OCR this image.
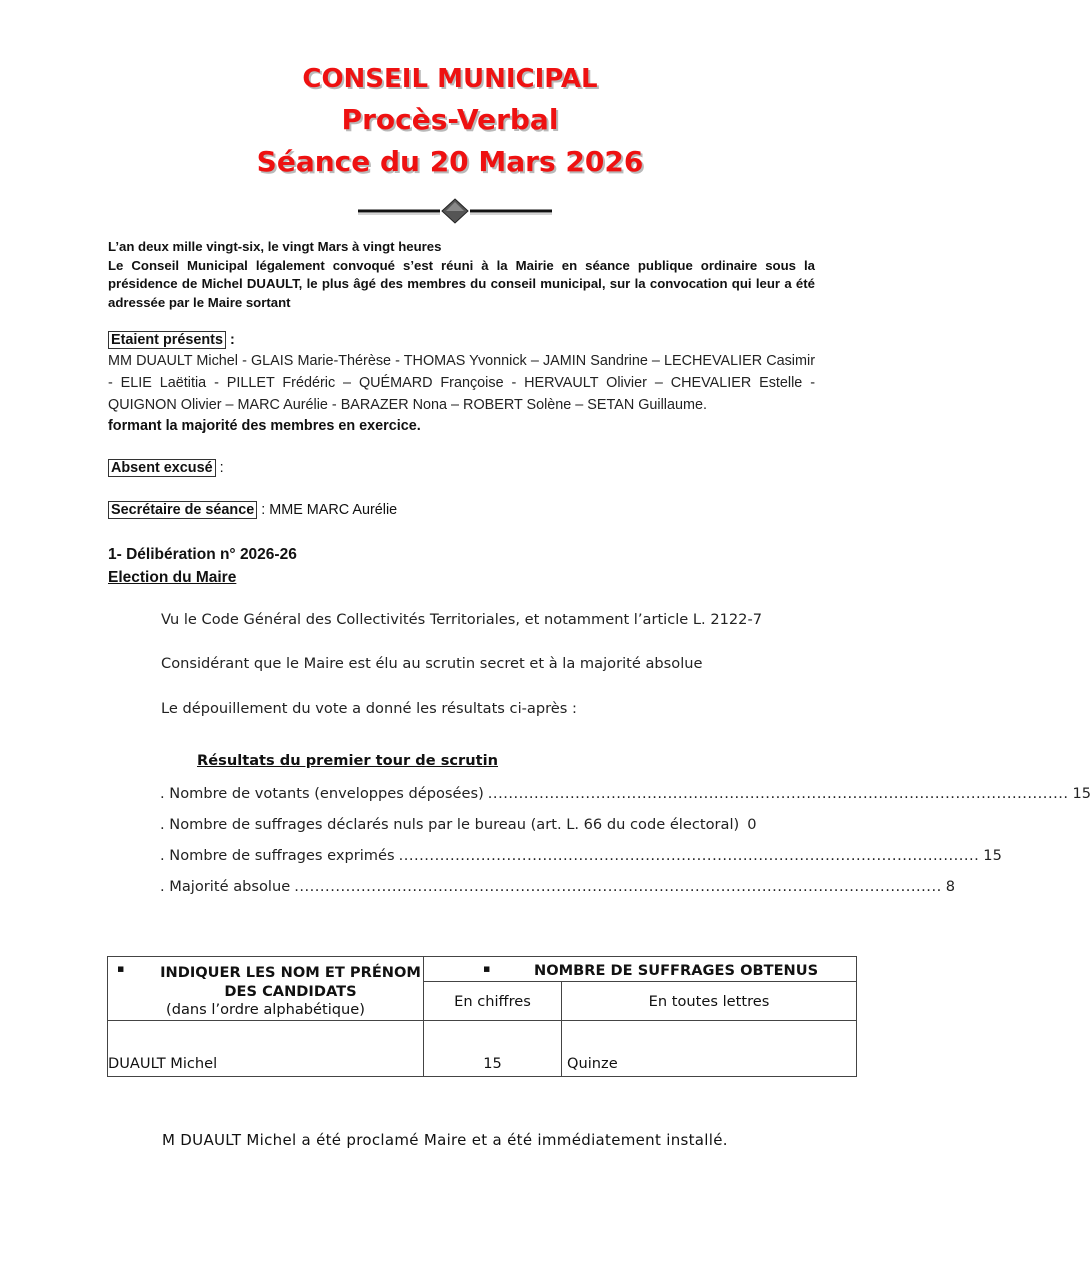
CONSEIL MUNICIPAL
Procès-Verbal
Séance du 20 Mars 2026

L’an deux mille vingt-six, le vingt Mars à vingt heures

Le Conseil Municipal légalement convoqué s’est réuni à la Mairie en séance publique ordinaire sous la présidence de Michel DUAULT, le plus âgé des membres du conseil municipal, sur la convocation qui leur a été adressée par le Maire sortant

Etaient présents :
MM DUAULT Michel - GLAIS Marie-Thérèse - THOMAS Yvonnick – JAMIN Sandrine – LECHEVALIER Casimir - ELIE Laëtitia - PILLET Frédéric – QUÉMARD Françoise - HERVAULT Olivier – CHEVALIER Estelle - QUIGNON Olivier – MARC Aurélie - BARAZER Nona – ROBERT Solène – SETAN Guillaume.
formant la majorité des membres en exercice.
Absent excusé :
Secrétaire de séance : MME MARC Aurélie
1- Délibération n° 2026-26
Election du Maire
Vu le Code Général des Collectivités Territoriales, et notamment l’article L. 2122-7
Considérant que le Maire est élu au scrutin secret et à la majorité absolue
Le dépouillement du vote a donné les résultats ci-après :
Résultats du premier tour de scrutin
. Nombre de votants (enveloppes déposées) ................................................................................................................. 15
. Nombre de suffrages déclarés nuls par le bureau (art. L. 66 du code électoral) 0
. Nombre de suffrages exprimés ................................................................................................................. 15
. Majorité absolue .............................................................................................................................. 8
▪ INDIQUER LES NOM ET PRÉNOM DES CANDIDATS
(dans l’ordre alphabétique)	▪ NOMBRE DE SUFFRAGES OBTENUS	

	En chiffres	En toutes lettres

DUAULT Michel	15	Quinze
M DUAULT Michel a été proclamé Maire et a été immédiatement installé.
